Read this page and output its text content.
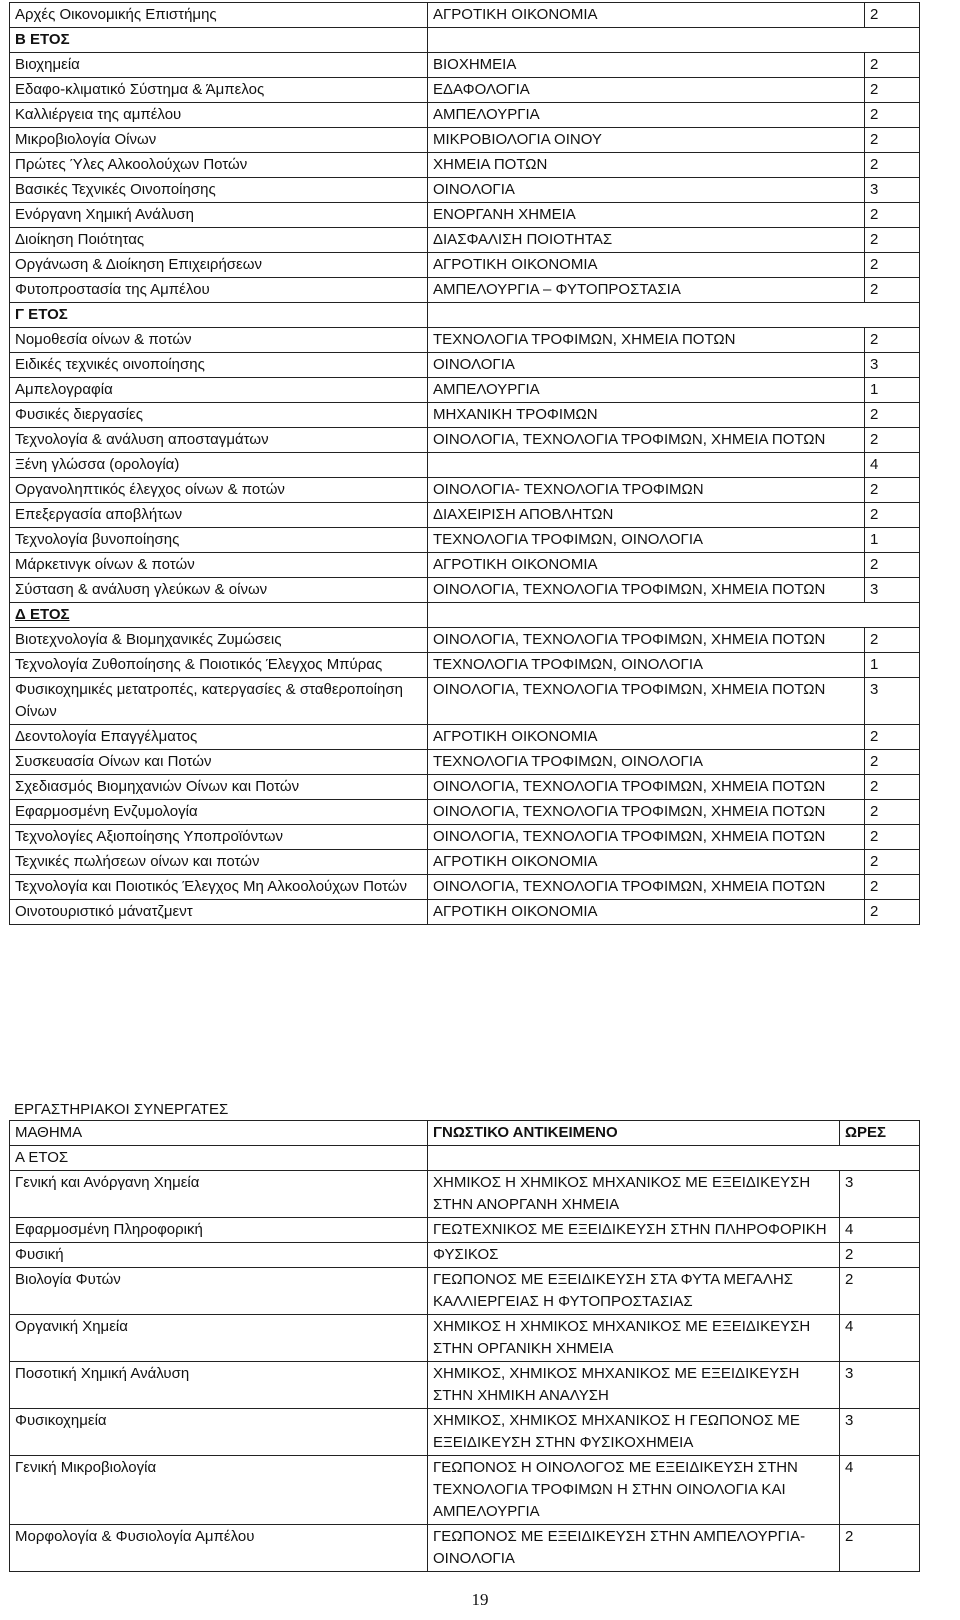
Αρχές Οικονομικής Επιστήμης	ΑΓΡΟΤΙΚΗ ΟΙΚΟΝΟΜΙΑ	2
Β ΕΤΟΣ		
Βιοχημεία	ΒΙΟΧΗΜΕΙΑ	2
Εδαφο-κλιματικό Σύστημα & Άμπελος	ΕΔΑΦΟΛΟΓΙΑ	2
Καλλιέργεια της αμπέλου	ΑΜΠΕΛΟΥΡΓΙΑ	2
Μικροβιολογία Οίνων	ΜΙΚΡΟΒΙΟΛΟΓΙΑ ΟΙΝΟΥ	2
Πρώτες Ύλες Αλκοολούχων Ποτών	ΧΗΜΕΙΑ ΠΟΤΩΝ	2
Βασικές Τεχνικές Οινοποίησης	ΟΙΝΟΛΟΓΙΑ	3
Ενόργανη Χημική Ανάλυση	ΕΝΟΡΓΑΝΗ ΧΗΜΕΙΑ	2
Διοίκηση Ποιότητας	ΔΙΑΣΦΑΛΙΣΗ ΠΟΙΟΤΗΤΑΣ	2
Οργάνωση & Διοίκηση Επιχειρήσεων	ΑΓΡΟΤΙΚΗ ΟΙΚΟΝΟΜΙΑ	2
Φυτοπροστασία της Αμπέλου	ΑΜΠΕΛΟΥΡΓΙΑ – ΦΥΤΟΠΡΟΣΤΑΣΙΑ	2
Γ ΕΤΟΣ		
Νομοθεσία οίνων & ποτών	ΤΕΧΝΟΛΟΓΙΑ ΤΡΟΦΙΜΩΝ, ΧΗΜΕΙΑ ΠΟΤΩΝ	2
Ειδικές τεχνικές οινοποίησης	ΟΙΝΟΛΟΓΙΑ	3
Αμπελογραφία	ΑΜΠΕΛΟΥΡΓΙΑ	1
Φυσικές διεργασίες	ΜΗΧΑΝΙΚΗ ΤΡΟΦΙΜΩΝ	2
Τεχνολογία & ανάλυση αποσταγμάτων	ΟΙΝΟΛΟΓΙΑ, ΤΕΧΝΟΛΟΓΙΑ ΤΡΟΦΙΜΩΝ, ΧΗΜΕΙΑ ΠΟΤΩΝ	2
Ξένη γλώσσα (ορολογία)		4
Οργανοληπτικός έλεγχος οίνων & ποτών	ΟΙΝΟΛΟΓΙΑ- ΤΕΧΝΟΛΟΓΙΑ ΤΡΟΦΙΜΩΝ	2
Επεξεργασία αποβλήτων	ΔΙΑΧΕΙΡΙΣΗ ΑΠΟΒΛΗΤΩΝ	2
Τεχνολογία βυνοποίησης	ΤΕΧΝΟΛΟΓΙΑ ΤΡΟΦΙΜΩΝ, ΟΙΝΟΛΟΓΙΑ	1
Μάρκετινγκ οίνων & ποτών	ΑΓΡΟΤΙΚΗ ΟΙΚΟΝΟΜΙΑ	2
Σύσταση & ανάλυση γλεύκων & οίνων	ΟΙΝΟΛΟΓΙΑ, ΤΕΧΝΟΛΟΓΙΑ ΤΡΟΦΙΜΩΝ, ΧΗΜΕΙΑ ΠΟΤΩΝ	3
Δ ΕΤΟΣ		
Βιοτεχνολογία & Βιομηχανικές Ζυμώσεις	ΟΙΝΟΛΟΓΙΑ, ΤΕΧΝΟΛΟΓΙΑ ΤΡΟΦΙΜΩΝ, ΧΗΜΕΙΑ ΠΟΤΩΝ	2
Τεχνολογία Ζυθοποίησης & Ποιοτικός Έλεγχος Μπύρας	ΤΕΧΝΟΛΟΓΙΑ ΤΡΟΦΙΜΩΝ, ΟΙΝΟΛΟΓΙΑ	1
Φυσικοχημικές μετατροπές, κατεργασίες & σταθεροποίηση Οίνων	ΟΙΝΟΛΟΓΙΑ, ΤΕΧΝΟΛΟΓΙΑ ΤΡΟΦΙΜΩΝ, ΧΗΜΕΙΑ ΠΟΤΩΝ	3
Δεοντολογία Επαγγέλματος	ΑΓΡΟΤΙΚΗ ΟΙΚΟΝΟΜΙΑ	2
Συσκευασία Οίνων και Ποτών	ΤΕΧΝΟΛΟΓΙΑ ΤΡΟΦΙΜΩΝ, ΟΙΝΟΛΟΓΙΑ	2
Σχεδιασμός Βιομηχανιών Οίνων και Ποτών	ΟΙΝΟΛΟΓΙΑ, ΤΕΧΝΟΛΟΓΙΑ ΤΡΟΦΙΜΩΝ, ΧΗΜΕΙΑ ΠΟΤΩΝ	2
Εφαρμοσμένη Ενζυμολογία	ΟΙΝΟΛΟΓΙΑ, ΤΕΧΝΟΛΟΓΙΑ ΤΡΟΦΙΜΩΝ, ΧΗΜΕΙΑ ΠΟΤΩΝ	2
Τεχνολογίες Αξιοποίησης Υποπροϊόντων	ΟΙΝΟΛΟΓΙΑ, ΤΕΧΝΟΛΟΓΙΑ ΤΡΟΦΙΜΩΝ, ΧΗΜΕΙΑ ΠΟΤΩΝ	2
Τεχνικές πωλήσεων οίνων και ποτών	ΑΓΡΟΤΙΚΗ ΟΙΚΟΝΟΜΙΑ	2
Τεχνολογία και Ποιοτικός Έλεγχος Μη Αλκοολούχων Ποτών	ΟΙΝΟΛΟΓΙΑ, ΤΕΧΝΟΛΟΓΙΑ ΤΡΟΦΙΜΩΝ, ΧΗΜΕΙΑ ΠΟΤΩΝ	2
Οινοτουριστικό μάνατζμεντ	ΑΓΡΟΤΙΚΗ ΟΙΚΟΝΟΜΙΑ	2
ΕΡΓΑΣΤΗΡΙΑΚΟΙ ΣΥΝΕΡΓΑΤΕΣ
ΜΑΘΗΜΑ	ΓΝΩΣΤΙΚΟ ΑΝΤΙΚΕΙΜΕΝΟ	ΩΡΕΣ
Α ΕΤΟΣ		
Γενική και Ανόργανη Χημεία	ΧΗΜΙΚΟΣ Η ΧΗΜΙΚΟΣ ΜΗΧΑΝΙΚΟΣ ΜΕ ΕΞΕΙΔΙΚΕΥΣΗ ΣΤΗΝ ΑΝΟΡΓΑΝΗ ΧΗΜΕΙΑ	3
Εφαρμοσμένη Πληροφορική	ΓΕΩΤΕΧΝΙΚΟΣ ΜΕ ΕΞΕΙΔΙΚΕΥΣΗ ΣΤΗΝ ΠΛΗΡΟΦΟΡΙΚΗ	4
Φυσική	ΦΥΣΙΚΟΣ	2
Βιολογία Φυτών	ΓΕΩΠΟΝΟΣ ΜΕ ΕΞΕΙΔΙΚΕΥΣΗ ΣΤΑ ΦΥΤΑ ΜΕΓΑΛΗΣ ΚΑΛΛΙΕΡΓΕΙΑΣ Η ΦΥΤΟΠΡΟΣΤΑΣΙΑΣ	2
Οργανική Χημεία	ΧΗΜΙΚΟΣ Η ΧΗΜΙΚΟΣ ΜΗΧΑΝΙΚΟΣ ΜΕ ΕΞΕΙΔΙΚΕΥΣΗ ΣΤΗΝ ΟΡΓΑΝΙΚΗ ΧΗΜΕΙΑ	4
Ποσοτική Χημική Ανάλυση	ΧΗΜΙΚΟΣ, ΧΗΜΙΚΟΣ ΜΗΧΑΝΙΚΟΣ ΜΕ ΕΞΕΙΔΙΚΕΥΣΗ ΣΤΗΝ ΧΗΜΙΚΗ ΑΝΑΛΥΣΗ	3
Φυσικοχημεία	ΧΗΜΙΚΟΣ, ΧΗΜΙΚΟΣ ΜΗΧΑΝΙΚΟΣ Η ΓΕΩΠΟΝΟΣ ΜΕ ΕΞΕΙΔΙΚΕΥΣΗ ΣΤΗΝ ΦΥΣΙΚΟΧΗΜΕΙΑ	3
Γενική Μικροβιολογία	ΓΕΩΠΟΝΟΣ Η ΟΙΝΟΛΟΓΟΣ ΜΕ ΕΞΕΙΔΙΚΕΥΣΗ ΣΤΗΝ ΤΕΧΝΟΛΟΓΙΑ ΤΡΟΦΙΜΩΝ Η ΣΤΗΝ ΟΙΝΟΛΟΓΙΑ ΚΑΙ ΑΜΠΕΛΟΥΡΓΙΑ	4
Μορφολογία & Φυσιολογία Αμπέλου	ΓΕΩΠΟΝΟΣ ΜΕ ΕΞΕΙΔΙΚΕΥΣΗ ΣΤΗΝ ΑΜΠΕΛΟΥΡΓΙΑ-ΟΙΝΟΛΟΓΙΑ	2
19
